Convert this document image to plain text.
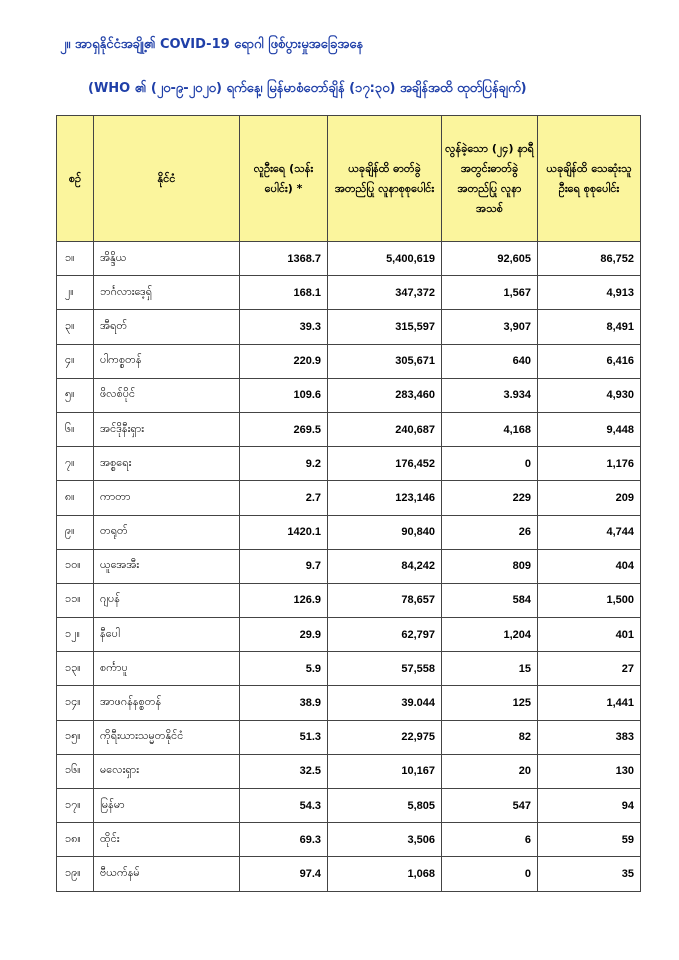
၂။ အာရှနိုင်ငံအချို့၏ COVID-19 ရောဂါ ဖြစ်ပွားမှုအခြေအနေ
(WHO ၏ (၂၀-၉-၂၀၂၀) ရက်နေ့၊ မြန်မာစံတော်ချိန် (၁၇:၃၀) အချိန်အထိ ထုတ်ပြန်ချက်)
စဉ်	နိုင်ငံ	လူဦးရေ (သန်းပေါင်း) *	ယခုချိန်ထိ ဓာတ်ခွဲအတည်ပြု လူနာစုစုပေါင်း	လွန်ခဲ့သော (၂၄) နာရီ အတွင်းဓာတ်ခွဲ အတည်ပြု လူနာအသစ်	ယခုချိန်ထိ သေဆုံးသူဦးရေ စုစုပေါင်း
၁။	အိန္ဒိယ	1368.7	5,400,619	92,605	86,752
၂။	ဘင်္ဂလားဒေ့ရှ်	168.1	347,372	1,567	4,913
၃။	အီရတ်	39.3	315,597	3,907	8,491
၄။	ပါကစ္စတန်	220.9	305,671	640	6,416
၅။	ဖိလစ်ပိုင်	109.6	283,460	3.934	4,930
၆။	အင်ဒိုနီးရှား	269.5	240,687	4,168	9,448
၇။	အစ္စရေး	9.2	176,452	0	1,176
၈။	ကာတာ	2.7	123,146	229	209
၉။	တရုတ်	1420.1	90,840	26	4,744
၁၀။	ယူအေအီး	9.7	84,242	809	404
၁၁။	ဂျပန်	126.9	78,657	584	1,500
၁၂။	နီပေါ	29.9	62,797	1,204	401
၁၃။	စင်္ကာပူ	5.9	57,558	15	27
၁၄။	အာဖဂန်နစ္စတန်	38.9	39.044	125	1,441
၁၅။	ကိုရီးယားသမ္မတနိုင်ငံ	51.3	22,975	82	383
၁၆။	မလေးရှား	32.5	10,167	20	130
၁၇။	မြန်မာ	54.3	5,805	547	94
၁၈။	ထိုင်း	69.3	3,506	6	59
၁၉။	ဗီယက်နမ်	97.4	1,068	0	35
